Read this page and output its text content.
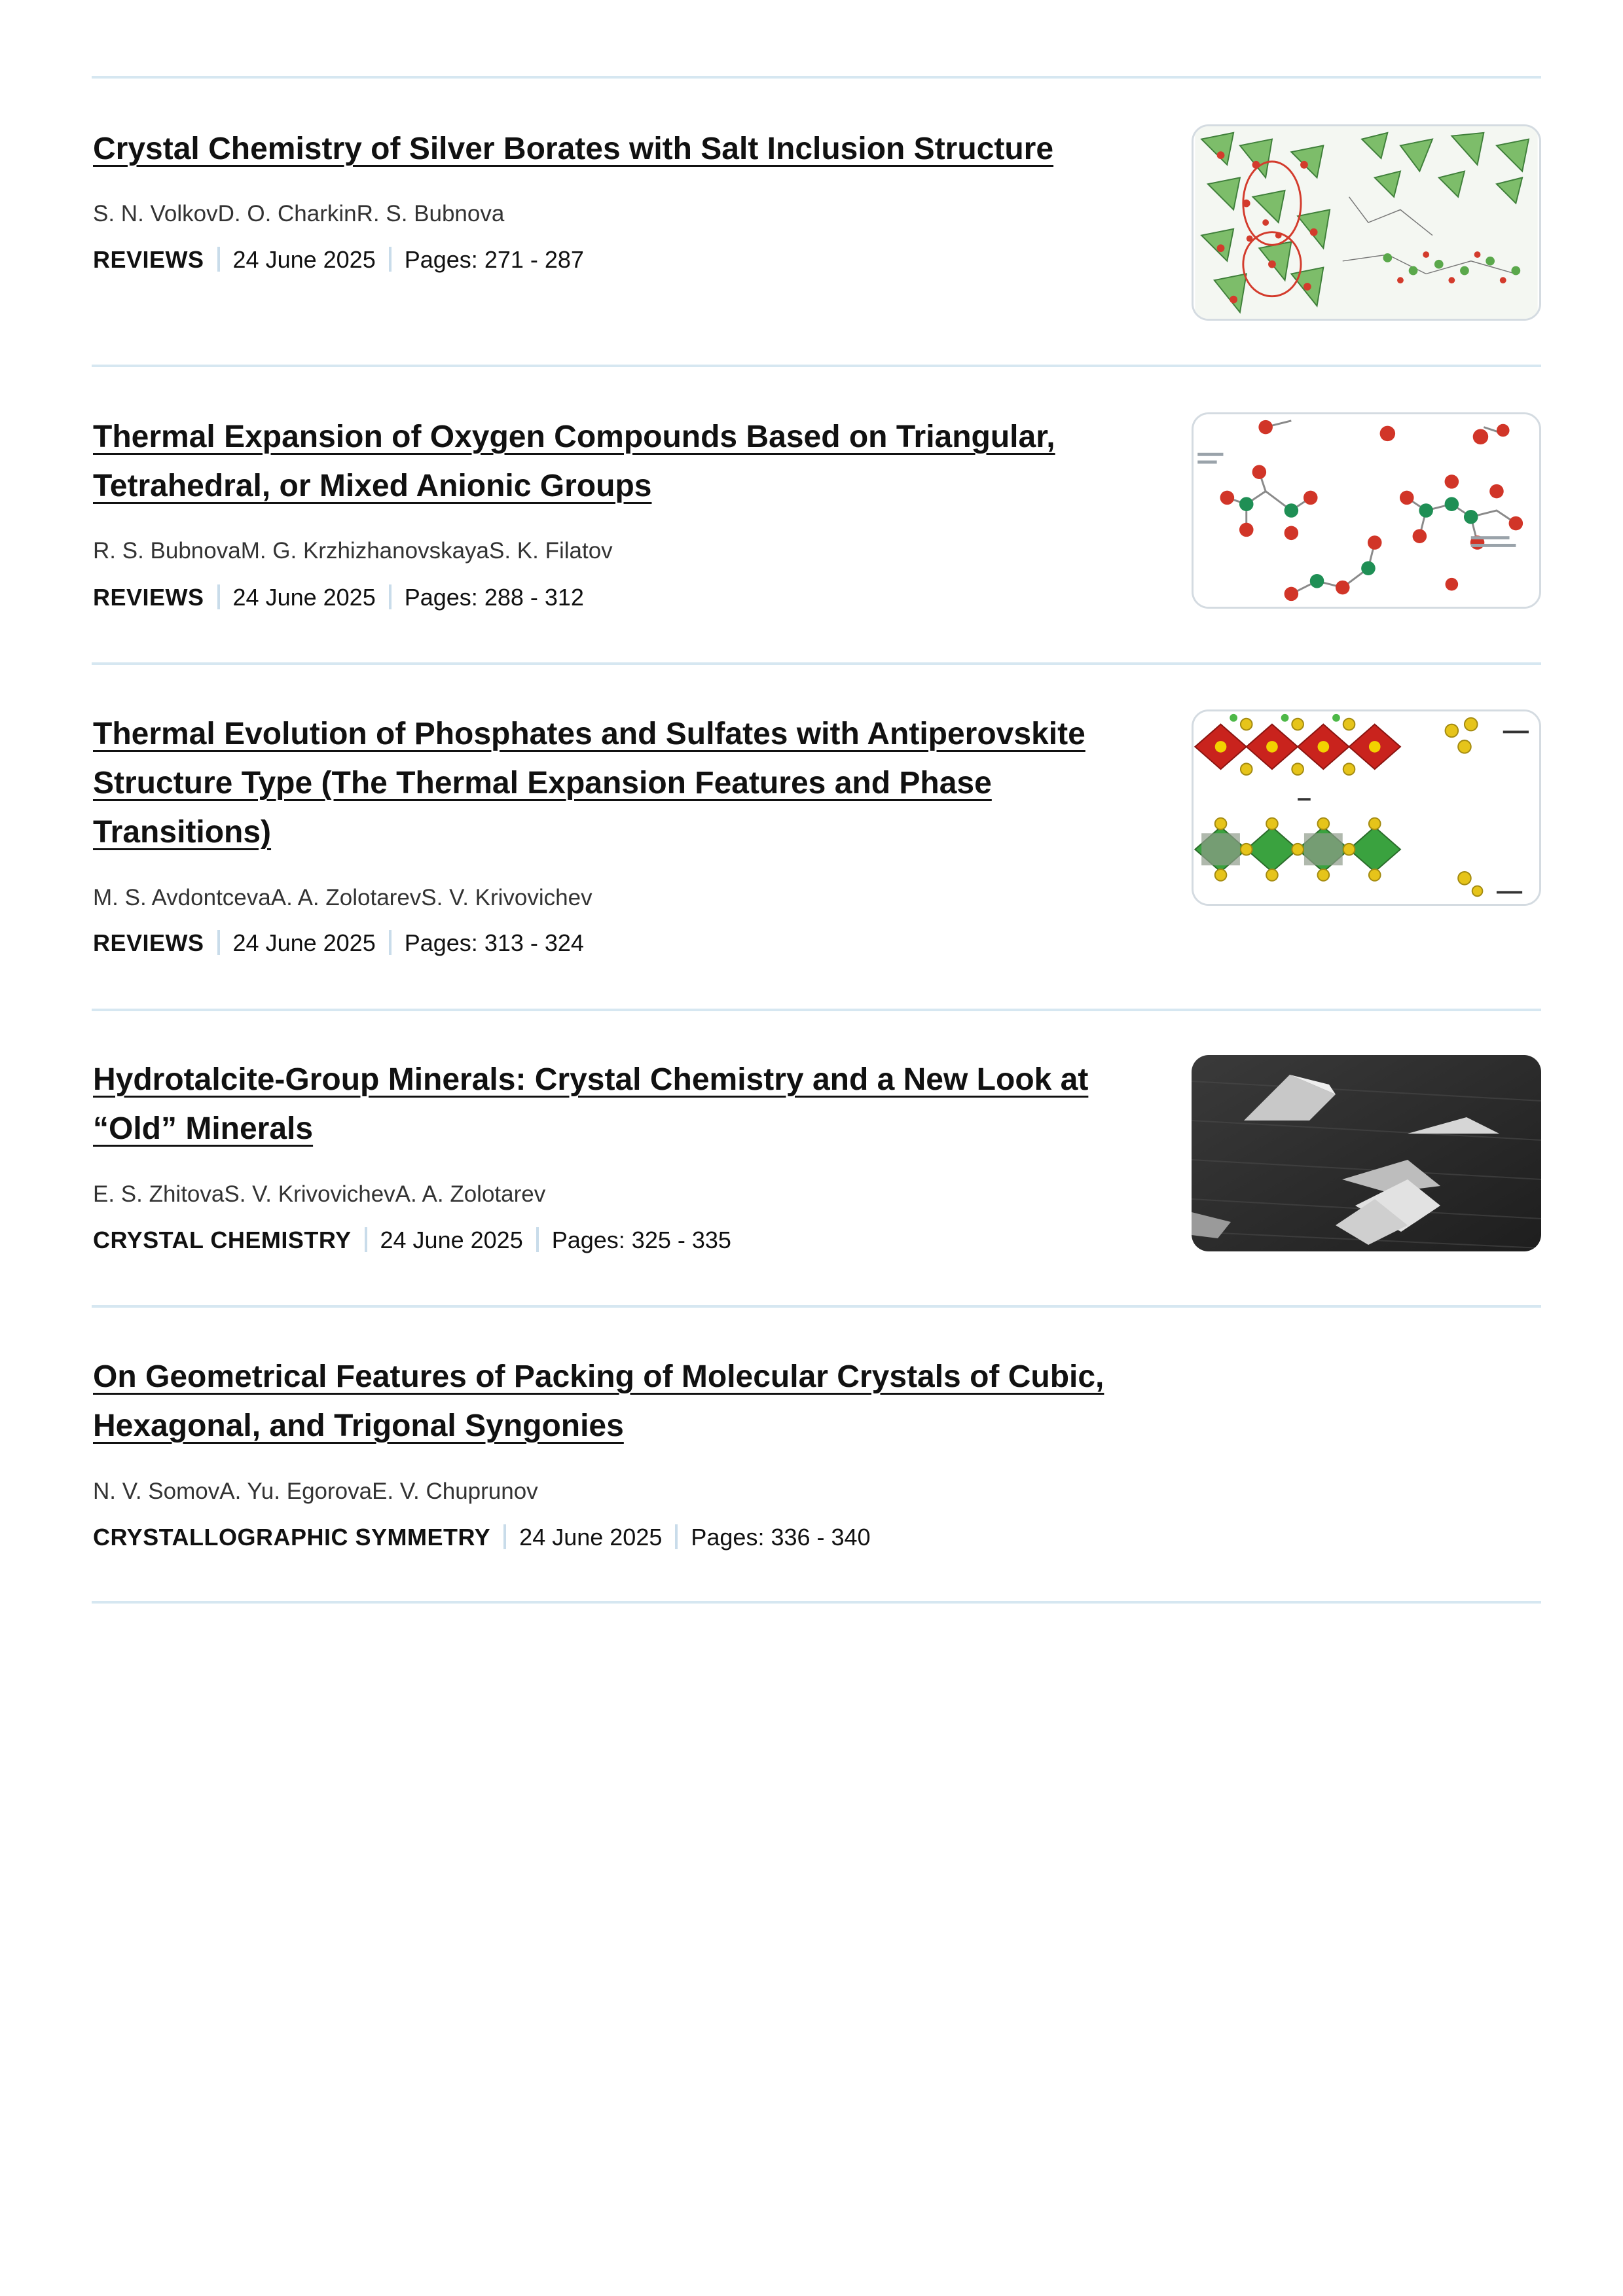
Crystal Chemistry of Silver Borates with Salt Inclusion Structure
S. N. VolkovD. O. CharkinR. S. Bubnova
REVIEWS 24 June 2025 Pages: 271 - 287
Thermal Expansion of Oxygen Compounds Based on Triangular, Tetrahedral, or Mixed Anionic Groups
R. S. BubnovaM. G. KrzhizhanovskayaS. K. Filatov
REVIEWS 24 June 2025 Pages: 288 - 312
Thermal Evolution of Phosphates and Sulfates with Antiperovskite Structure Type (The Thermal Expansion Features and Phase Transitions)
M. S. AvdontcevaA. A. ZolotarevS. V. Krivovichev
REVIEWS 24 June 2025 Pages: 313 - 324
Hydrotalcite-Group Minerals: Crystal Chemistry and a New Look at “Old” Minerals
E. S. ZhitovaS. V. KrivovichevA. A. Zolotarev
CRYSTAL CHEMISTRY 24 June 2025 Pages: 325 - 335
On Geometrical Features of Packing of Molecular Crystals of Cubic, Hexagonal, and Trigonal Syngonies
N. V. SomovA. Yu. EgorovaE. V. Chuprunov
CRYSTALLOGRAPHIC SYMMETRY 24 June 2025 Pages: 336 - 340
